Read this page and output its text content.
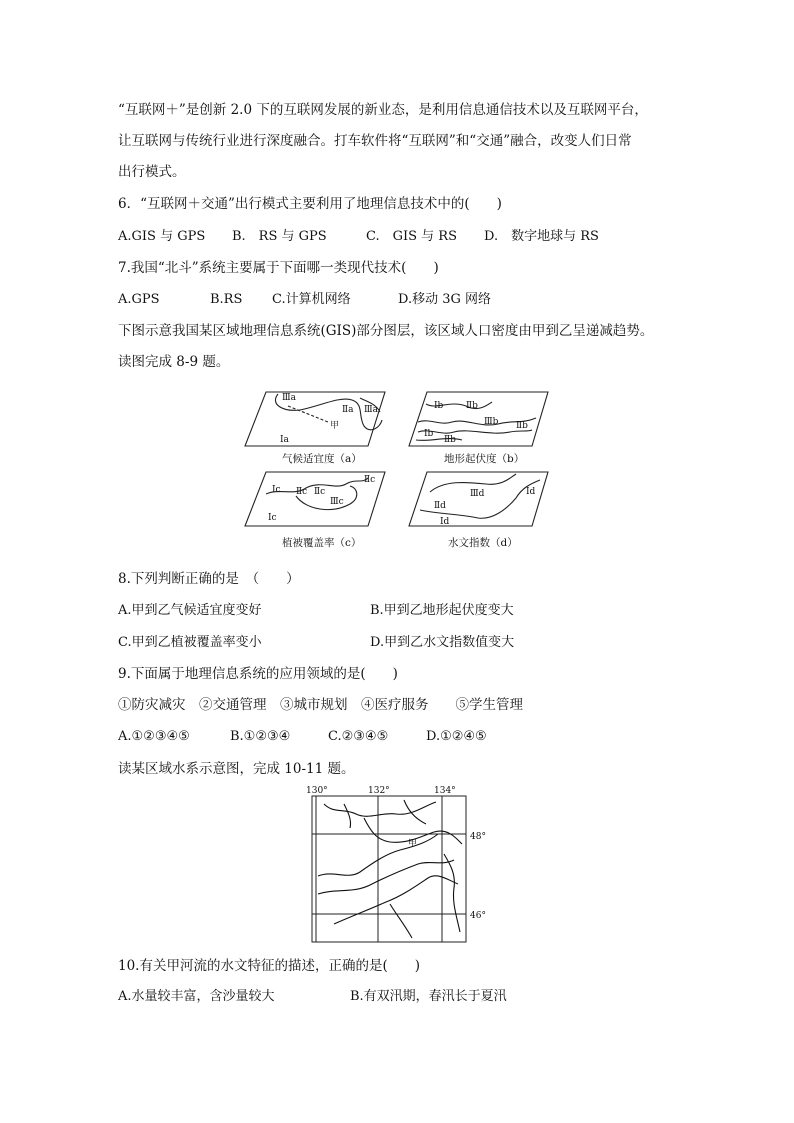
“互联网＋”是创新 2.0 下的互联网发展的新业态，是利用信息通信技术以及互联网平台，
让互联网与传统行业进行深度融合。打车软件将“互联网”和“交通”融合，改变人们日常
出行模式。
6．“互联网＋交通”出行模式主要利用了地理信息技术中的(　　)
A.GIS 与 GPS B.　RS 与 GPS	C.　GIS 与 RS D.　数字地球与 RS
7.我国“北斗”系统主要属于下面哪一类现代技术(　　)
A.GPS	B.RS C.计算机网络	D.移动 3G 网络
下图示意我国某区域地理信息系统(GIS)部分图层，该区域人口密度由甲到乙呈递减趋势。
读图完成 8-9 题。
Ⅲa
Ⅱa Ⅲa
Ⅰa
甲
Ⅰb	Ⅱb
Ⅲb Ⅱb
Ⅰb
Ⅱb
Ⅰc Ⅱc Ⅱc
Ⅱc
Ⅲc
Ⅰc
Ⅲd
Ⅱd
Ⅰd
Ⅰd
气候适宜度（a）	地形起伏度（b）
植被覆盖率（c）	水文指数（d）
8.下列判断正确的是　（　　）
A.甲到乙气候适宜度变好	B.甲到乙地形起伏度变大
C.甲到乙植被覆盖率变小	D.甲到乙水文指数值变大
9.下面属于地理信息系统的应用领域的是(　　)
①防灾减灾　②交通管理　③城市规划　④医疗服务　　⑤学生管理
A.①②③④⑤	B.①②③④	C.②③④⑤	D.①②④⑤
读某区域水系示意图，完成 10-11 题。
130°	132°	134°
48°
46°
甲
10.有关甲河流的水文特征的描述，正确的是(　　)
A.水量较丰富，含沙量较大	B.有双汛期，春汛长于夏汛
